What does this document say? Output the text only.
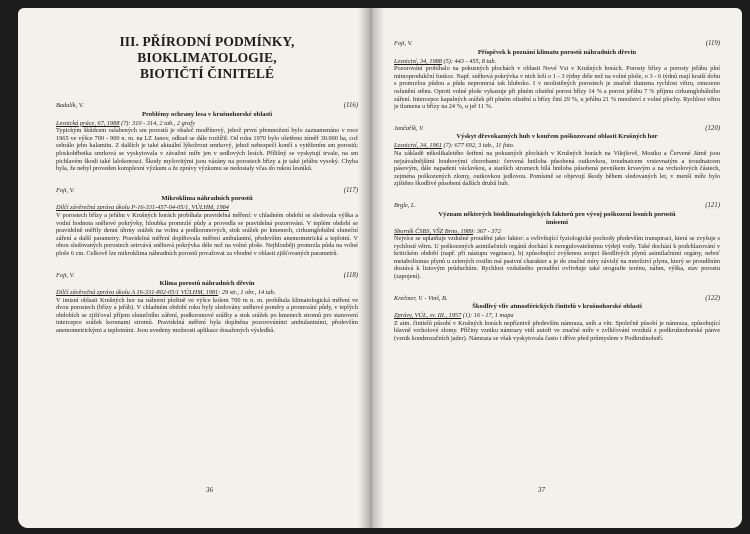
III. PŘÍRODNÍ PODMÍNKY, BIOKLIMATOLOGIE,
BIOTIČTÍ ČINITELÉ

Badalík, V.	(116)
Problémy ochrany lesa v krušnohorské oblasti

Lesnická práce, 67, 1988 (7): 310 - 314, 2 tab., 2 grafy

Typickým škůdcem oslabených sm porostů je obaleč modřínový, jehož první přemnožení bylo zaznamenáno v roce 1965 ve výšce 700 - 900 n. m. na LZ Janov, odkud se dále rozšířil. Od roku 1970 bylo ošetřeno téměř 30.000 ha, což sehrálo jeho kalamitu. Z dalších je také aktuální lýkožrout smrkový, jehož nebezpečí končí s vytěžením sm porostů; ploskohřbetka smrková se vyskytovala v závažné míře jen v sedlových lesích. Přílišný se vyskytují trvale, na sm pichlavém škodí také lalokonosci. Škody myšovitými jsou vázány na porostech břízy a je také jeřábu vysoký. Chyba byla, že nebyl proveden komplexní výzkum a že zprávy výzkumu se nedostaly včas do rukou lesníků.

Fojt, V.	(117)
Mikroklima náhradních porostů

Dílčí závěrečná zpráva úkolu P-16-331-457-04-05/1, VÚLHM, 1984

V porostech břízy a jeřábu v Krušných horách probíhala pravidelná měření: v chladném období se sledovala výška a vodní hodnota sněhové pokrývky, hloubka promrzlé půdy a provedla se pravidelná pozorování. V teplém období se pravidelně měřily denní úhrny srážek na volnu a podkorunových, stok srážek po kmenech, cirkumglobální sluneční záření a další parametry. Pravidelná měření doplňovala měření ambulantní, především anemometrická a teplotní. V obou sledovaných porostech setrvává sněhová pokrývka déle než na volné ploše. Nejhlouběji promrzla půda na volné ploše 6 cm. Celkově lze mikroklima náhradních porostů považovat za vhodné v oblasti zjišťovaných parametrů.

Fojt, V.	(118)
Klima porostů náhradních dřevin

Dílčí závěrečná zpráva úkolu A 16-331-802-05/1 VÚLHM, 1981: 29 str., 1 obr., 14 tab.

V imisní oblasti Krušných hor na náhorní plošině ve výšce kolem 700 m n. m. probíhala klimatologická měření ve dvou porostech (břízy a jeřáb). V chladném období roku byly sledovány sněhové poměry a promrzání půdy, v teplých obdobích se zjišťoval příjem slunečního záření, podkorunové srážky a stok srážek po kmenech stromů pro stanovení intercepce srážek korunami stromů. Pravidelná měření byla doplněna pozorováními ambulantními, především anemometrickými a teplotními. Jsou uvedeny možnosti aplikace dosažených výsledků.

36

Fojt, V.	(119)
Příspěvek k poznání klimatu porostů náhradních dřevin

Lesnictví, 34, 1988 (5): 443 - 455, 8 tab.

Pozorování probíhalo na pokusných plochách v oblasti Nové Vsi v Krušných horách. Porosty břízy a porosty jeřábu plní mimoprodukční funkce. Např. sněhová pokrývka v nich leží o 1 - 3 týdny déle než na volné ploše, o 3 - 6 týdnů mají kratší dobu s promrzlou půdou a půda nepromrzá tak hluboko. I v neolistěných porostech je značně tlumena rychlost větru, omezeno oslunění stěnu. Oproti volné ploše vykazuje při plném olistění porost břízy 14 % a porost jeřábu 7 % příjmu cirkumglobálního záření. Intercepce kapalných srážek při plném olistění u břízy činí 29 %, u jeřábu 21 % množství z volné plochy. Rychlost větru je tlumena u břízy na 24 %, u jeř 11 %.

Jančařík, V.	(120)
Výskyt dřevokazných hub v kouřem poškozované oblasti Krušných hor

Lesnictví, 34, 1961 (7): 677 692, 3 tab., 11 foto.

Na základě několikaletého šetření na pokusných plochách v Krušných horách na Vilejšově, Mostku a Červené Jámě jsou nejzávažnějšími houbovými chorobami: červená hniloba působená outkovkou, troudnatcem vrstevnatým a troudnatcem pásovým, dále napadení václavkou, a starších stromech bílá hniloba působená pevníkem krvavým a na vrcholových částech, zejména poškozených zlomy, outkovkou jedlovou. Pomístně se objevují škody během sledovaných let, v menší míře bylo zjištěno škodlivé působení dalších druhů hub.

Brgle, L.	(121)
Význam některých bioklimatologických faktorů pro vývoj poškození lesních porostů
imisemi

Sborník ČSBS, VŠZ Brno, 1989: 367 - 372

Nejvíce se uplatňuje vzdušné proudění jako faktor: a ovlivňující fyziologické pochody především transpiraci, která se zvyšuje s rychlostí větru. U poškozených asimilačních orgánů dochází k neregulovatelnému výdeji vody. Také dochází k podchlazování v kritickém období (např. při nástupu vegetace). b) způsobující zvýšenou sorpci škodlivých plynů asimilačními orgány, neboť metabolismus plynů u zelených rostlin má pasivní charakter a je do značné míry závislý na množství plynu, který se prouděním dostává k listovým průduchům. Rychlost vzdušného proudění ovlivňuje také orografie terénu, náhm, výška, stav porostu (zapojení).

Krečmer, V. - Vinš, B.	(122)
Škodlivý vliv atmosférických činitelů v krušnohorské oblasti

Zprávy, VÚL, sv. III., 1957 (1): 16 - 17, 1 mapa

Z atm. činitelů působí v Krušných horách nepříznivě především námraza, sníh a vítr. Společně působí je námraza, způsobující hlavně vrcholové zlomy. Příčiny vzniku námrazy vidí autoři ve značné míře v zvlhčování ovzduší z podkrušnohorské pánve (vznik kondenzačních jader). Námraza se však vyskytovala často i dříve před průmyslem v Podkrušnohoří.

37
